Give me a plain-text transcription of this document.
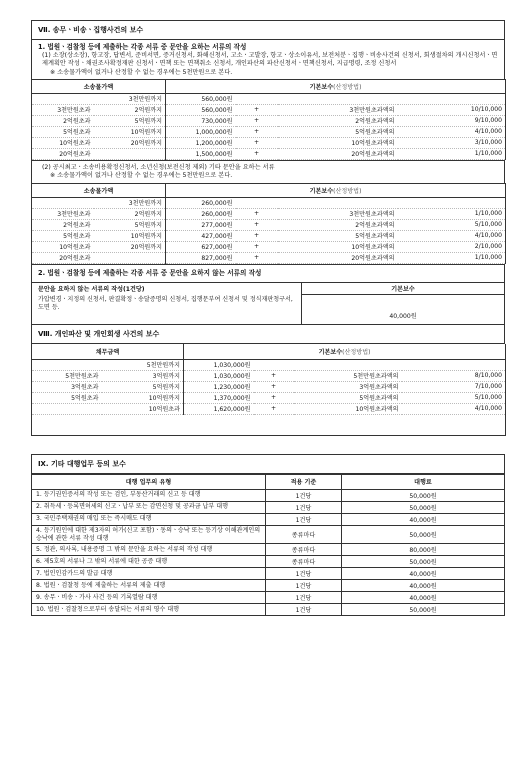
Ⅶ. 송무ㆍ비송ㆍ집행사건의 보수
1. 법원ㆍ검찰청 등에 제출하는 각종 서류 중 문안을 요하는 서류의 작성
(1) 소장(상소장), 항고장, 답변서, 준비서면, 증거신청서, 화해신청서, 고소ㆍ고발장, 항고ㆍ상소이유서, 보전처분ㆍ집행ㆍ비송사건의 신청서, 회생절차의 개시신청서ㆍ면제계획안 작성ㆍ채권조사확정재판 신청서ㆍ면책 또는 면책취소 신청서, 개인파산의 파산신청서ㆍ면책신청서, 지급명령, 조정 신청서
※ 소송물가액이 없거나 산정할 수 없는 경우에는 5천만원으로 본다.
소송물가액		기본보수(산정방법)			
	3천만원까지	560,000원			
3천만원초과	2억원까지	560,000원	+	3천만원초과액의	10/10,000
2억원초과	5억원까지	730,000원	+	2억원초과액의	9/10,000
5억원초과	10억원까지	1,000,000원	+	5억원초과액의	4/10,000
10억원초과	20억원까지	1,200,000원	+	10억원초과액의	3/10,000
20억원초과		1,500,000원	+	20억원초과액의	1/10,000
(2) 공시최고ㆍ소송비용확정신청서, 소년신청(보전신청 제외) 기타 문안을 요하는 서류
※ 소송물가액이 없거나 산정할 수 없는 경우에는 5천만원으로 본다.
소송물가액		기본보수(산정방법)			
	3천만원까지	260,000원			
3천만원초과	2억원까지	260,000원	+	3천만원초과액의	1/10,000
2억원초과	5억원까지	277,000원	+	2억원초과액의	5/10,000
5억원초과	10억원까지	427,000원	+	5억원초과액의	4/10,000
10억원초과	20억원까지	627,000원	+	10억원초과액의	2/10,000
20억원초과		827,000원	+	20억원초과액의	1/10,000
2. 법원ㆍ검찰청 등에 제출하는 각종 서류 중 문안을 요하지 않는 서류의 작성
문안을 요하지 않는 서류의 작성(1건당)	기본보수
가압변경ㆍ지정의 신청서, 판결확정ㆍ송달증명의 신청서, 집행문부여 신청서 및 정식재판청구서, 도면 등.	40,000원
Ⅷ. 개인파산 및 개인회생 사건의 보수
채무금액		기본보수(산정방법)			
	5천만원까지	1,030,000원			
5천만원초과	3억원까지	1,030,000원	+	5천만원초과액의	8/10,000
3억원초과	5억원까지	1,230,000원	+	3억원초과액의	7/10,000
5억원초과	10억원까지	1,370,000원	+	5억원초과액의	5/10,000
	10억원초과	1,620,000원	+	10억원초과액의	4/10,000

Ⅸ. 기타 대행업무 등의 보수
대행 업무의 유형	적용 기준	대행료
1. 등기권인증서의 작성 또는 검인, 부동산거래의 신고 등 대행	1건당	50,000원
2. 취득세ㆍ등록면허세의 신고ㆍ납부 또는 감면신청 및 공과금 납부 대행	1건당	50,000원
3. 국민주택채권의 매입 또는 즉시매도 대행	1건당	40,000원
4. 등기원인에 대한 제3자의 허가(신고 포함)ㆍ동의ㆍ승낙 또는 등기상 이해관계인의 승낙에 관한 서류 작성 대행	종류마다	50,000원
5. 정관, 의사록, 내용증명 그 밖의 문안을 요하는 서류의 작성 대행	종류마다	80,000원
6. 제5호의 서류나 그 밖의 서류에 대한 공증 대행	종류마다	50,000원
7. 법인인감카드의 발급 대행	1건당	40,000원
8. 법원ㆍ검찰청 등에 제출하는 서류의 제출 대행	1건당	40,000원
9. 송무ㆍ비송ㆍ가사 사건 등의 기록열람 대행	1건당	40,000원
10. 법원ㆍ검찰청으로부터 송달되는 서류의 영수 대행	1건당	50,000원
